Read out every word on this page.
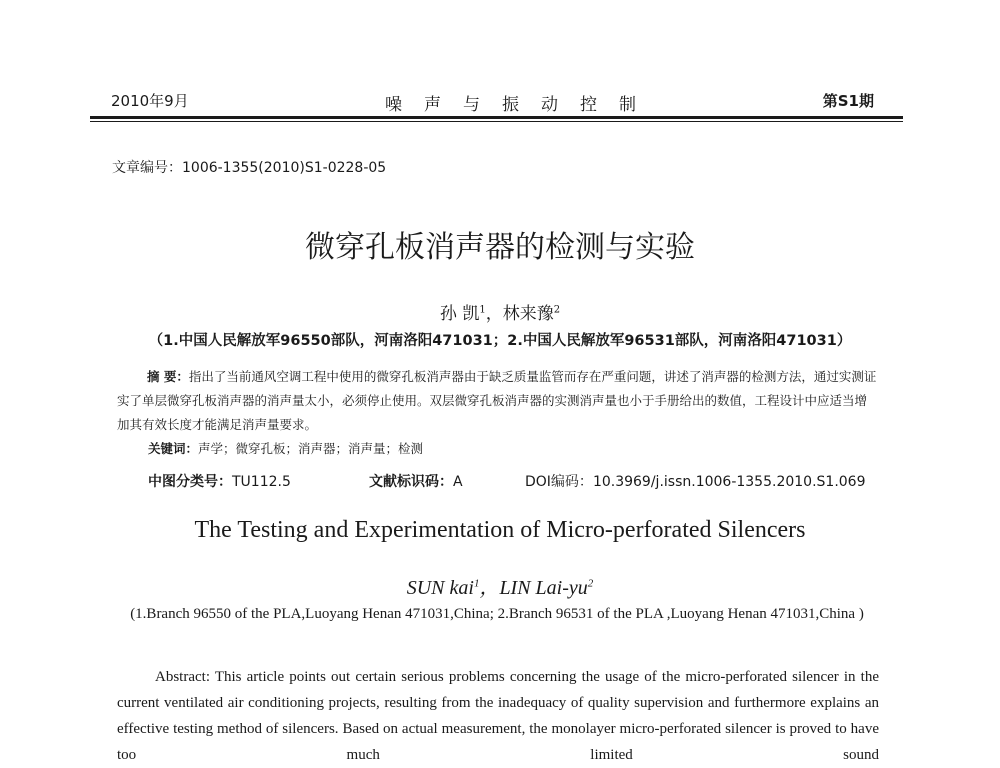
2010年9月	噪声与振动控制	第S1期
文章编号：1006-1355(2010)S1-0228-05
微穿孔板消声器的检测与实验
孙 凯$^1$，林来豫$^2$
（1.中国人民解放军96550部队，河南洛阳471031；2.中国人民解放军96531部队，河南洛阳471031）
摘 要：指出了当前通风空调工程中使用的微穿孔板消声器由于缺乏质量监管而存在严重问题，讲述了消声器的检测方法，通过实测证实了单层微穿孔板消声器的消声量太小，必须停止使用。双层微穿孔板消声器的实测消声量也小于手册给出的数值，工程设计中应适当增加其有效长度才能满足消声量要求。
关键词：声学；微穿孔板；消声器；消声量；检测
中图分类号：TU112.5	文献标识码：A	DOI编码：10.3969/j.issn.1006-1355.2010.S1.069
The Testing and Experimentation of Micro-perforated Silencers
SUN kai$^1$，LIN Lai-$yu^2$
(1.Branch 96550 of the PLA,Luoyang Henan 471031,China; 2.Branch 96531 of the PLA ,Luoyang Henan 471031,China )
Abstract: This article points out certain serious problems concerning the usage of the micro-perforated silencer in the current ventilated air conditioning projects, resulting from the inadequacy of quality supervision and furthermore explains an effective testing method of silencers. Based on actual measurement, the monolayer micro-perforated silencer is proved to have too much limited sound
